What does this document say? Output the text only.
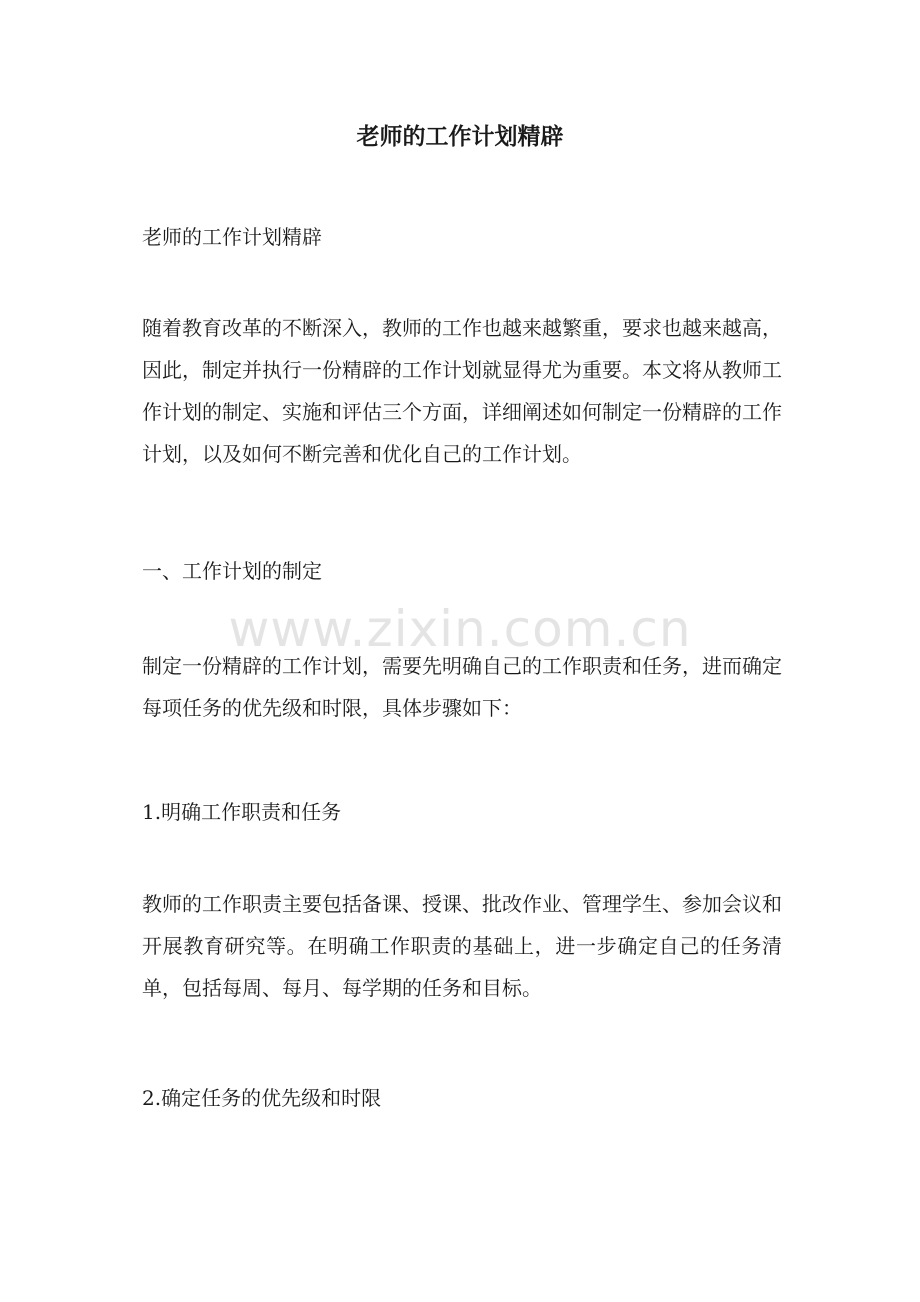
老师的工作计划精辟

老师的工作计划精辟

随着教育改革的不断深入，教师的工作也越来越繁重，要求也越来越高，因此，制定并执行一份精辟的工作计划就显得尤为重要。本文将从教师工作计划的制定、实施和评估三个方面，详细阐述如何制定一份精辟的工作计划，以及如何不断完善和优化自己的工作计划。

一、工作计划的制定

制定一份精辟的工作计划，需要先明确自己的工作职责和任务，进而确定每项任务的优先级和时限，具体步骤如下：

1.明确工作职责和任务

教师的工作职责主要包括备课、授课、批改作业、管理学生、参加会议和开展教育研究等。在明确工作职责的基础上，进一步确定自己的任务清单，包括每周、每月、每学期的任务和目标。

2.确定任务的优先级和时限

www.zixin.com.cn
